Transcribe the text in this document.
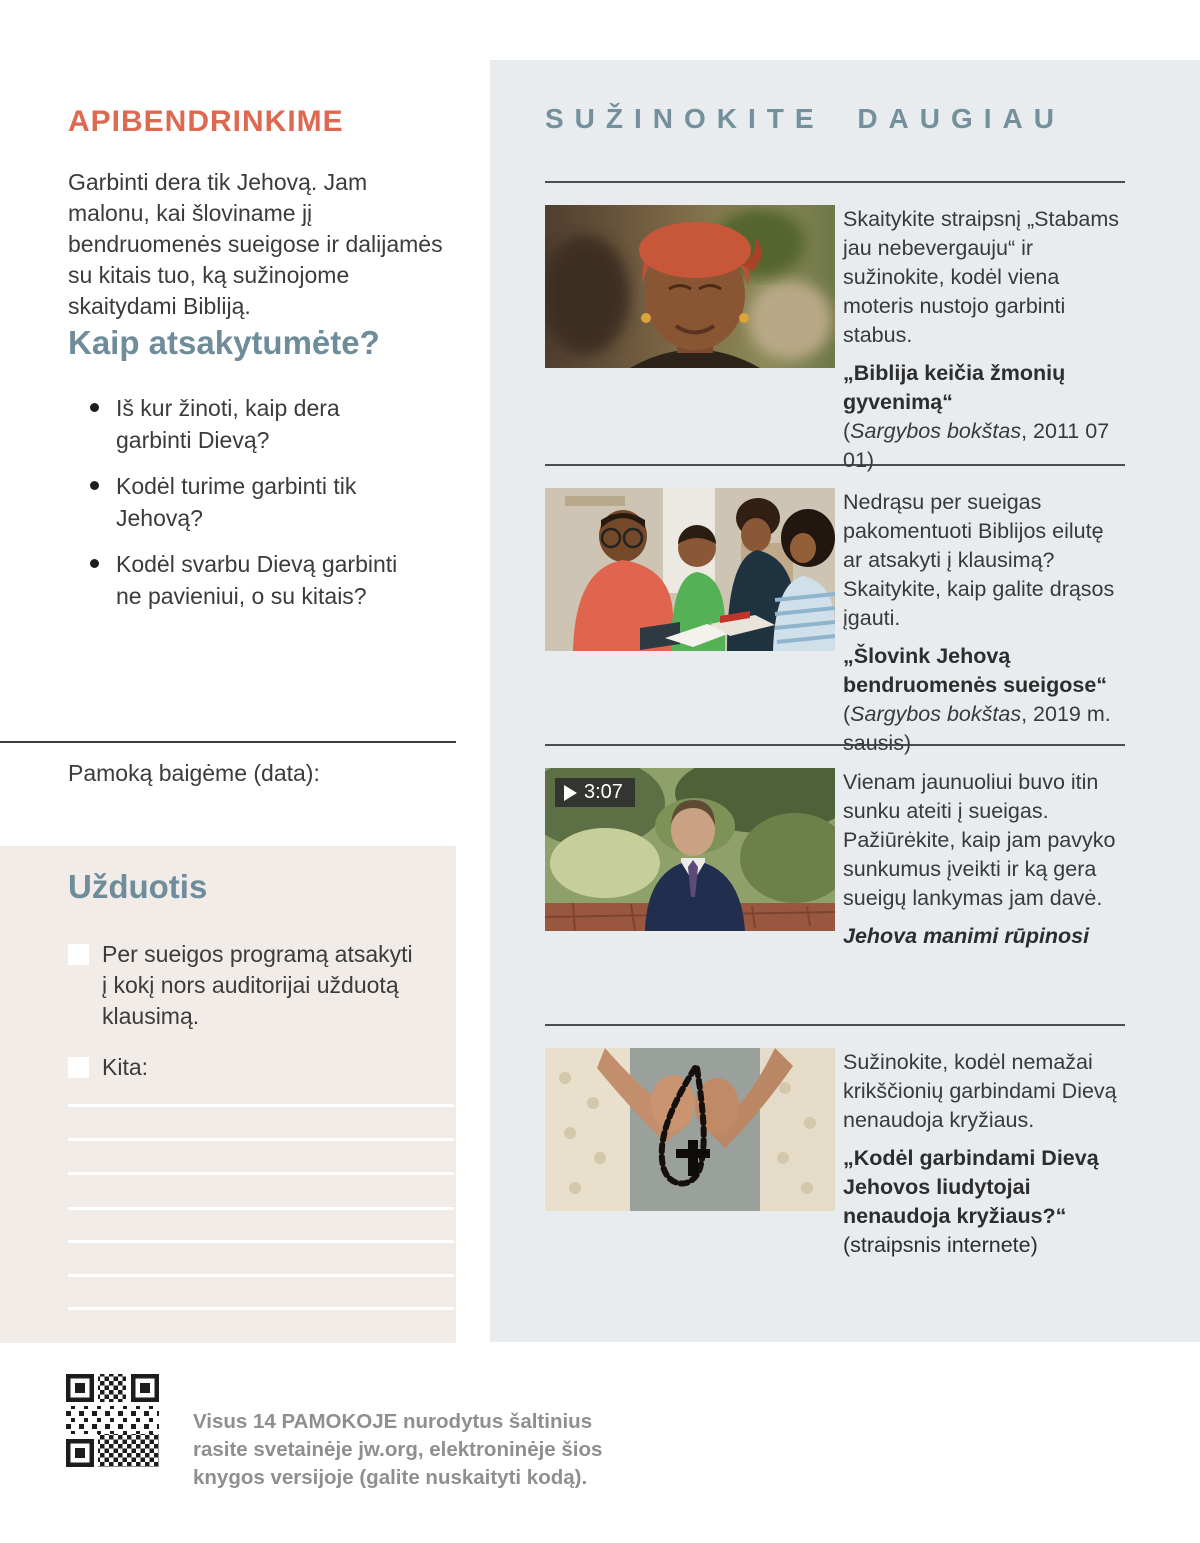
APIBENDRINKIME

Garbinti dera tik Jehovą. Jam malonu, kai šloviname jį bendruomenės sueigose ir dalijamės su kitais tuo, ką sužinojome skaitydami Bibliją.

Kaip atsakytumėte?
Iš kur žinoti, kaip dera garbinti Dievą?
Kodėl turime garbinti tik Jehovą?
Kodėl svarbu Dievą garbinti ne pavieniui, o su kitais?

Pamoką baigėme (data):

Užduotis
Per sueigos programą atsakyti į kokį nors auditorijai užduotą klausimą.
Kita:
SUŽINOKITE DAUGIAU

Skaitykite straipsnį „Stabams jau nebevergauju“ ir sužinokite, kodėl viena moteris nustojo garbinti stabus.

„Biblija keičia žmonių gyvenimą“

(Sargybos bokštas, 2011 07 01)

Nedrąsu per sueigas pakomentuoti Biblijos eilutę ar atsakyti į klausimą? Skaitykite, kaip galite drąsos įgauti.

„Šlovink Jehovą bendruomenės sueigose“

(Sargybos bokštas, 2019 m. sausis)

3:07	Vienam jaunuoliui buvo itin sunku ateiti į sueigas. Pažiūrėkite, kaip jam pavyko sunkumus įveikti ir ką gera sueigų lankymas jam davė.

Jehova manimi rūpinosi

Sužinokite, kodėl nemažai krikščionių garbindami Dievą nenaudoja kryžiaus.

„Kodėl garbindami Dievą Jehovos liudytojai nenaudoja kryžiaus?“ (straipsnis internete)

Visus 14 PAMOKOJE nurodytus šaltinius rasite svetainėje jw.org, elektroninėje šios knygos versijoje (galite nuskaityti kodą).
